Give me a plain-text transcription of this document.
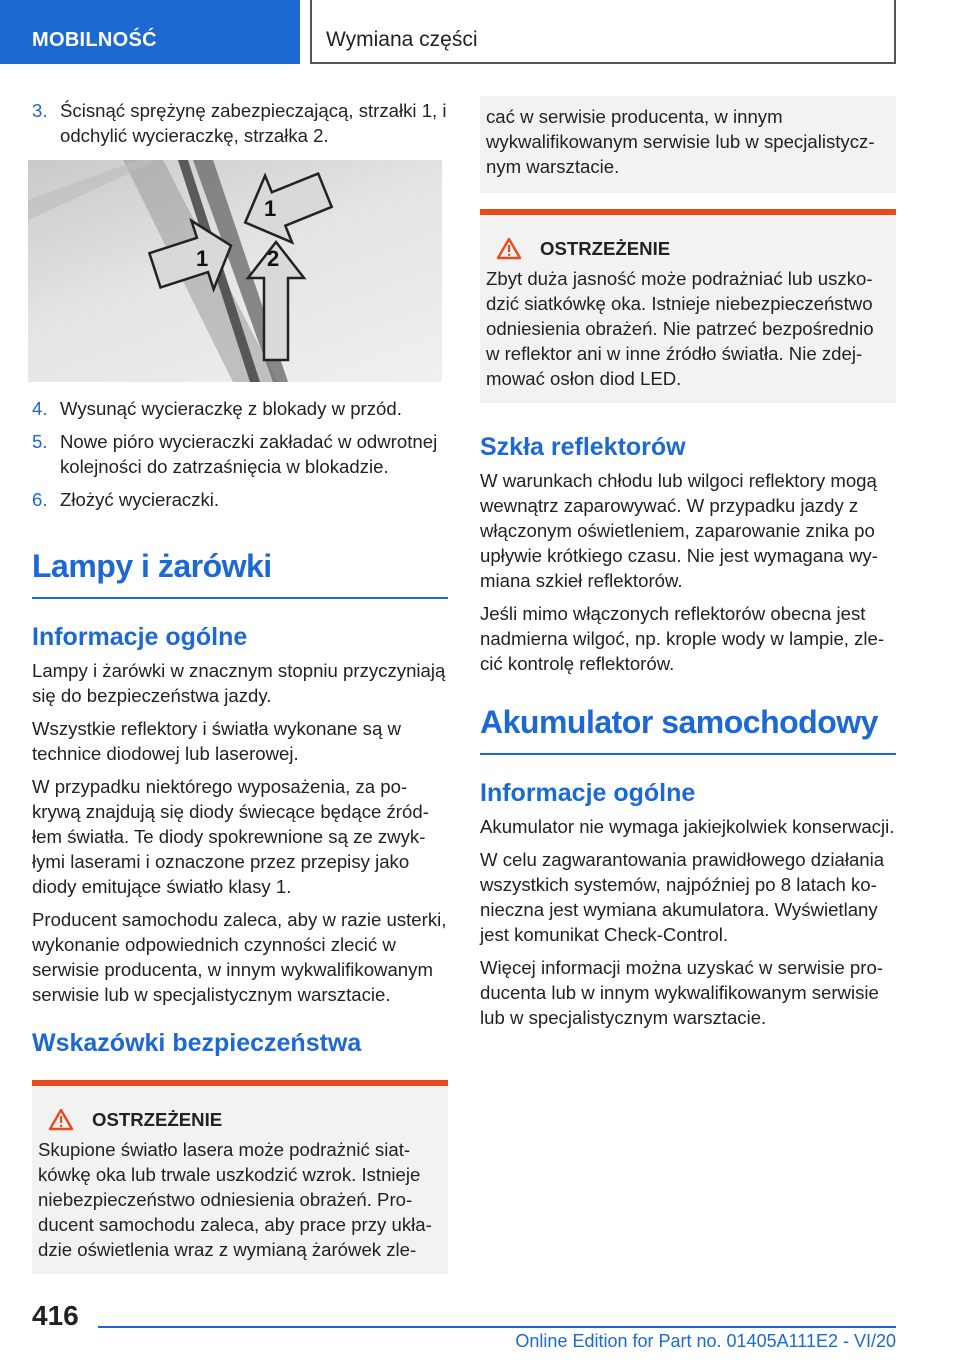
MOBILNOŚĆ	Wymiana części
3. Ścisnąć sprężynę zabezpieczającą, strzałki 1, i odchylić wycieraczkę, strzałka 2.
1
1
2
4. Wysunąć wycieraczkę z blokady w przód.
5. Nowe pióro wycieraczki zakładać w odwrotnej kolejności do zatrzaśnięcia w blokadzie.
6. Złożyć wycieraczki.
Lampy i żarówki
Informacje ogólne
Lampy i żarówki w znacznym stopniu przyczyniają się do bezpieczeństwa jazdy.
Wszystkie reflektory i światła wykonane są w technice diodowej lub laserowej.
W przypadku niektórego wyposażenia, za pokrywą znajdują się diody świecące będące źródłem światła. Te diody spokrewnione są ze zwykłymi laserami i oznaczone przez przepisy jako diody emitujące światło klasy 1.
Producent samochodu zaleca, aby w razie usterki, wykonanie odpowiednich czynności zlecić w serwisie producenta, w innym wykwalifikowanym serwisie lub w specjalistycznym warsztacie.
Wskazówki bezpieczeństwa
OSTRZEŻENIE
Skupione światło lasera może podrażnić siatkówkę oka lub trwale uszkodzić wzrok. Istnieje niebezpieczeństwo odniesienia obrażeń. Producent samochodu zaleca, aby prace przy układzie oświetlenia wraz z wymianą żarówek zle-
cać w serwisie producenta, w innym wykwalifikowanym serwisie lub w specjalistycznym warsztacie.
OSTRZEŻENIE
Zbyt duża jasność może podrażniać lub uszkodzić siatkówkę oka. Istnieje niebezpieczeństwo odniesienia obrażeń. Nie patrzeć bezpośrednio w reflektor ani w inne źródło światła. Nie zdejmować osłon diod LED.
Szkła reflektorów
W warunkach chłodu lub wilgoci reflektory mogą wewnątrz zaparowywać. W przypadku jazdy z włączonym oświetleniem, zaparowanie znika po upływie krótkiego czasu. Nie jest wymagana wymiana szkieł reflektorów.
Jeśli mimo włączonych reflektorów obecna jest nadmierna wilgoć, np. krople wody w lampie, zlecić kontrolę reflektorów.
Akumulator samochodowy
Informacje ogólne
Akumulator nie wymaga jakiejkolwiek konserwacji.
W celu zagwarantowania prawidłowego działania wszystkich systemów, najpóźniej po 8 latach konieczna jest wymiana akumulatora. Wyświetlany jest komunikat Check-Control.
Więcej informacji można uzyskać w serwisie producenta lub w innym wykwalifikowanym serwisie lub w specjalistycznym warsztacie.
416
Online Edition for Part no. 01405A111E2 - VI/20
